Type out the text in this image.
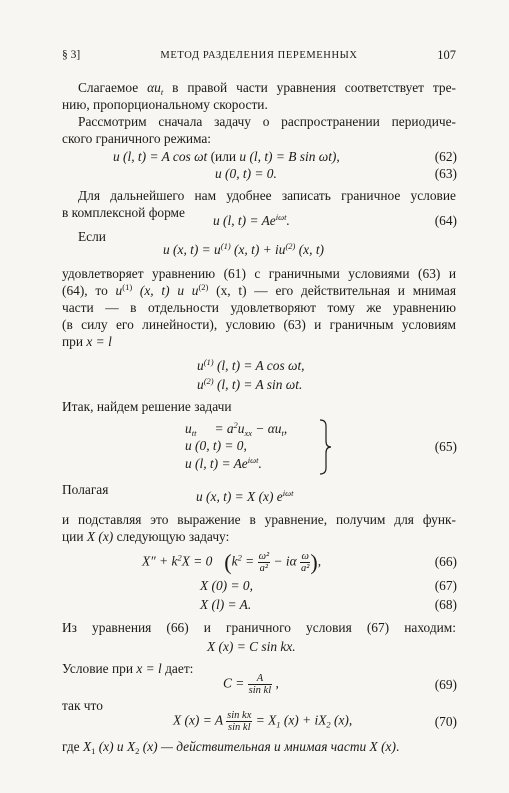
§ 3]	МЕТОД РАЗДЕЛЕНИЯ ПЕРЕМЕННЫХ	107
Слагаемое $\alpha u_t$ в правой части уравнения соответствует тре-
нию, пропорциональному скорости.
Рассмотрим сначала задачу о распространении периодиче-
ского граничного режима:
u (l, t) = A cos ωt (или u (l, t) = B sin ωt),	(62)
u (0, t) = 0.	(63)
Для дальнейшего нам удобнее записать граничное условие
в комплексной форме
u (l, $t) = Ae^{i\omega t}$.	(64)
Если
u (x, $t) = u^{(1)}$ (x, $t) + iu^{(2)}$ (x, t)
удовлетворяет уравнению (61) с граничными условиями (63) и
(64), то $u^{(1)}$ (x, t) и $u^{(2)}$ (x, t) — его действительная и мнимая
части — в отдельности удовлетворяют тому же уравнению
(в силу его линейности), условию (63) и граничным условиям
при x = l
$u^{(1)}$ (l, t) = A cos ωt,
$u^{(2)}$ (l, t) = A sin ωt.
Итак, найдем решение задачи
$u_{tt} = a^2u_{xx} - \alpha u_t$,
u (0, t) = 0,
u (l, $t) = Ae^{i\omega t}$.
(65)
Полагая	u (x, t) = X (x) $e^{i\omega t}$
и подставляя это выражение в уравнение, получим для функ-
ции X (x) следующую задачу:
$X'' + k^2X = 0$ ($k^2 = \frac{\text{ω²}}{\text{a²}} - i\alpha \frac{\omega}{\text{a²}}$ ),	(66)
X (0) = 0,	(67)
X (l) = A.	(68)
Из уравнения (66) и граничного условия (67) находим:
X (x) = C sin kx.
Условие при x = l дает:
$C = \frac{A}{\text{sin kl}}$ ,	(69)
так что
X (x) = A $\frac{\text{sin kx}}{\text{sin kl}} = X_1$ $(x) + iX_2$ (x),	(70)
где $X_1$ (x) и $X_2$ (x) — действительная и мнимая части X (x).
